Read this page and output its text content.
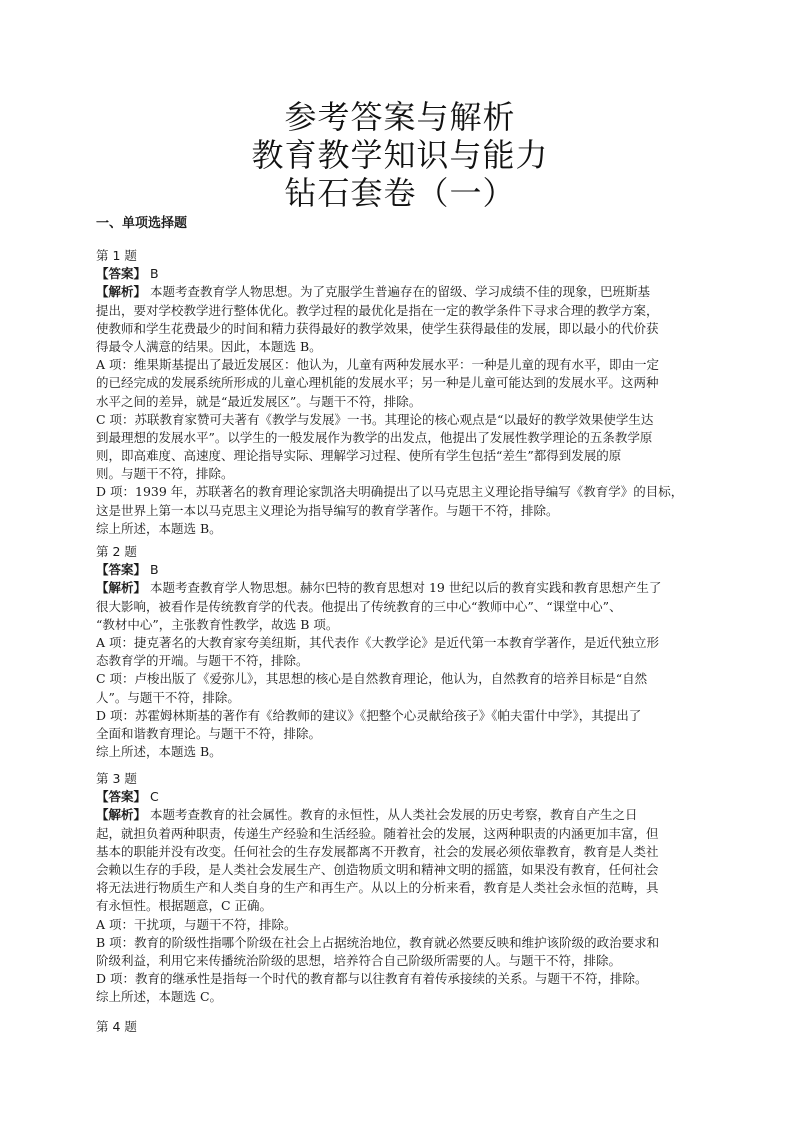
参考答案与解析
教育教学知识与能力
钻石套卷（一）
一、单项选择题
第 1 题
【答案】 B
【解析】 本题考查教育学人物思想。为了克服学生普遍存在的留级、学习成绩不佳的现象，巴班斯基
提出，要对学校教学进行整体优化。教学过程的最优化是指在一定的教学条件下寻求合理的教学方案，
使教师和学生花费最少的时间和精力获得最好的教学效果，使学生获得最佳的发展，即以最小的代价获
得最令人满意的结果。因此，本题选 B。
A 项：维果斯基提出了最近发展区：他认为，儿童有两种发展水平：一种是儿童的现有水平，即由一定
的已经完成的发展系统所形成的儿童心理机能的发展水平；另一种是儿童可能达到的发展水平。这两种
水平之间的差异，就是“最近发展区”。与题干不符，排除。
C 项：苏联教育家赞可夫著有《教学与发展》一书。其理论的核心观点是“以最好的教学效果使学生达
到最理想的发展水平”。以学生的一般发展作为教学的出发点，他提出了发展性教学理论的五条教学原
则，即高难度、高速度、理论指导实际、理解学习过程、使所有学生包括“差生”都得到发展的原
则。与题干不符，排除。
D 项：1939 年，苏联著名的教育理论家凯洛夫明确提出了以马克思主义理论指导编写《教育学》的目标，
这是世界上第一本以马克思主义理论为指导编写的教育学著作。与题干不符，排除。
综上所述，本题选 B。
第 2 题
【答案】 B
【解析】 本题考查教育学人物思想。赫尔巴特的教育思想对 19 世纪以后的教育实践和教育思想产生了
很大影响，被看作是传统教育学的代表。他提出了传统教育的三中心“教师中心”、“课堂中心”、
“教材中心”，主张教育性教学，故选 B 项。
A 项：捷克著名的大教育家夸美纽斯，其代表作《大教学论》是近代第一本教育学著作，是近代独立形
态教育学的开端。与题干不符，排除。
C 项：卢梭出版了《爱弥儿》，其思想的核心是自然教育理论，他认为，自然教育的培养目标是“自然
人”。与题干不符，排除。
D 项：苏霍姆林斯基的著作有《给教师的建议》《把整个心灵献给孩子》《帕夫雷什中学》，其提出了
全面和谐教育理论。与题干不符，排除。
综上所述，本题选 B。
第 3 题
【答案】 C
【解析】 本题考查教育的社会属性。教育的永恒性，从人类社会发展的历史考察，教育自产生之日
起，就担负着两种职责，传递生产经验和生活经验。随着社会的发展，这两种职责的内涵更加丰富，但
基本的职能并没有改变。任何社会的生存发展都离不开教育，社会的发展必须依靠教育，教育是人类社
会赖以生存的手段，是人类社会发展生产、创造物质文明和精神文明的摇篮，如果没有教育，任何社会
将无法进行物质生产和人类自身的生产和再生产。从以上的分析来看，教育是人类社会永恒的范畴，具
有永恒性。根据题意，C 正确。
A 项：干扰项，与题干不符，排除。
B 项：教育的阶级性指哪个阶级在社会上占据统治地位，教育就必然要反映和维护该阶级的政治要求和
阶级利益，利用它来传播统治阶级的思想，培养符合自己阶级所需要的人。与题干不符，排除。
D 项：教育的继承性是指每一个时代的教育都与以往教育有着传承接续的关系。与题干不符，排除。
综上所述，本题选 C。
第 4 题
